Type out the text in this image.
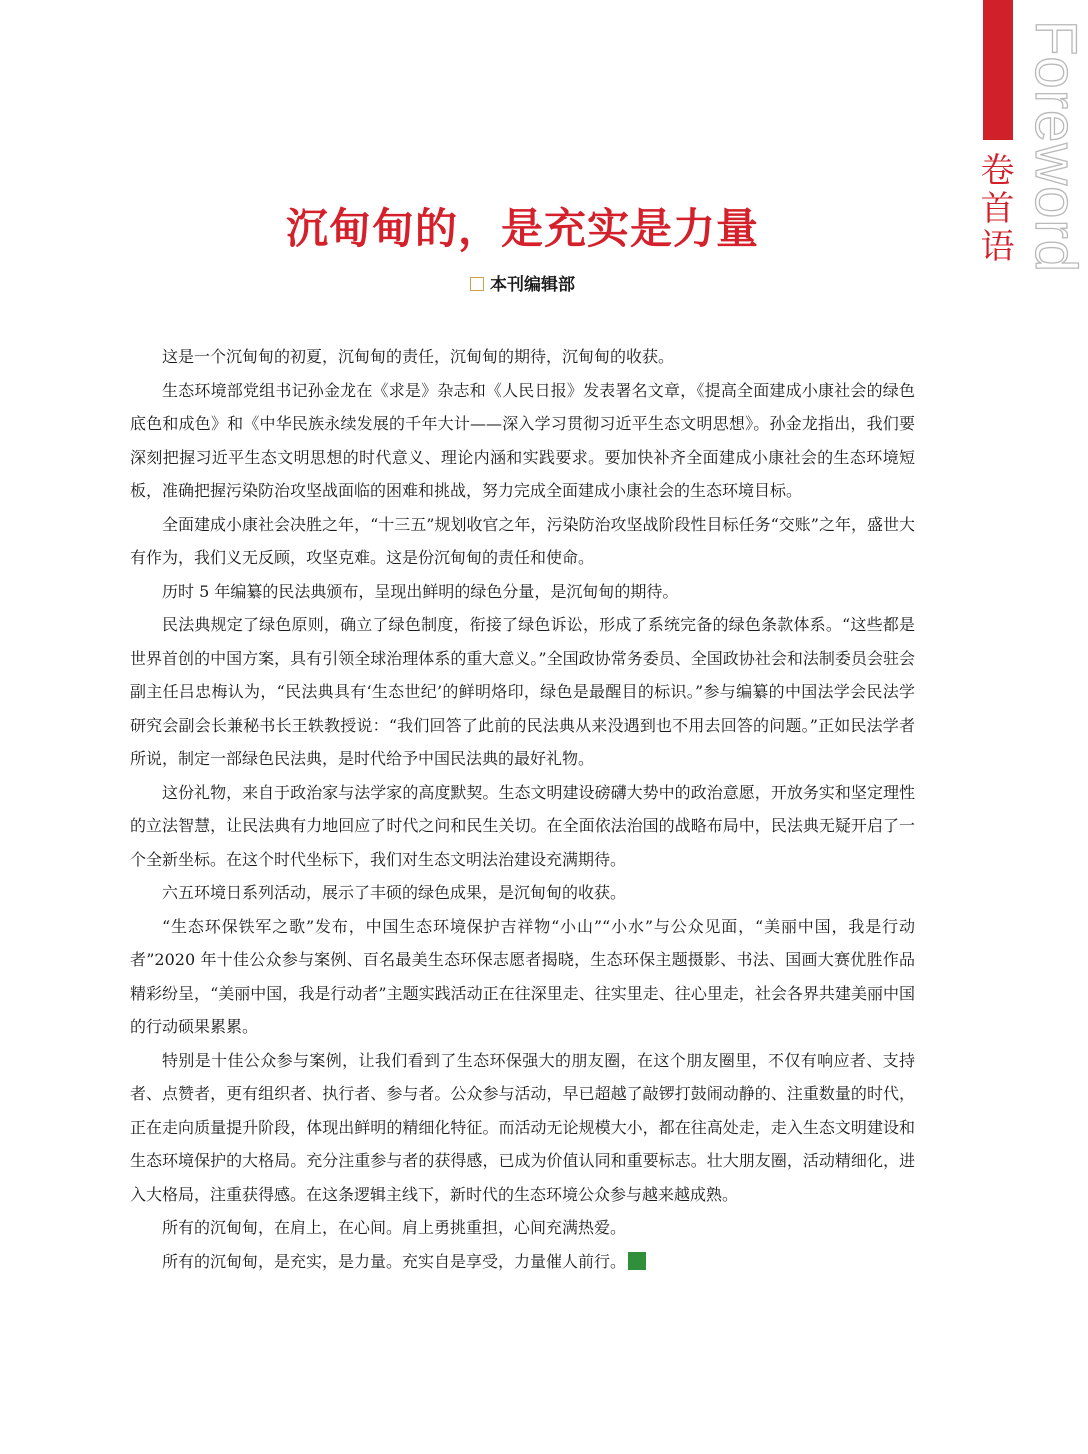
Foreword
卷首语
沉甸甸的，是充实是力量
本刊编辑部

这是一个沉甸甸的初夏，沉甸甸的责任，沉甸甸的期待，沉甸甸的收获。

生态环境部党组书记孙金龙在《求是》杂志和《人民日报》发表署名文章，《提高全面建成小康社会的绿色底色和成色》和《中华民族永续发展的千年大计——深入学习贯彻习近平生态文明思想》。孙金龙指出，我们要深刻把握习近平生态文明思想的时代意义、理论内涵和实践要求。要加快补齐全面建成小康社会的生态环境短板，准确把握污染防治攻坚战面临的困难和挑战，努力完成全面建成小康社会的生态环境目标。

全面建成小康社会决胜之年，“十三五”规划收官之年，污染防治攻坚战阶段性目标任务“交账”之年，盛世大有作为，我们义无反顾，攻坚克难。这是份沉甸甸的责任和使命。

历时 5 年编纂的民法典颁布，呈现出鲜明的绿色分量，是沉甸甸的期待。

民法典规定了绿色原则，确立了绿色制度，衔接了绿色诉讼，形成了系统完备的绿色条款体系。“这些都是世界首创的中国方案，具有引领全球治理体系的重大意义。”全国政协常务委员、全国政协社会和法制委员会驻会副主任吕忠梅认为，“民法典具有‘生态世纪’的鲜明烙印，绿色是最醒目的标识。”参与编纂的中国法学会民法学研究会副会长兼秘书长王轶教授说：“我们回答了此前的民法典从来没遇到也不用去回答的问题。”正如民法学者所说，制定一部绿色民法典，是时代给予中国民法典的最好礼物。

这份礼物，来自于政治家与法学家的高度默契。生态文明建设磅礴大势中的政治意愿，开放务实和坚定理性的立法智慧，让民法典有力地回应了时代之问和民生关切。在全面依法治国的战略布局中，民法典无疑开启了一个全新坐标。在这个时代坐标下，我们对生态文明法治建设充满期待。

六五环境日系列活动，展示了丰硕的绿色成果，是沉甸甸的收获。

“生态环保铁军之歌”发布，中国生态环境保护吉祥物“小山”“小水”与公众见面，“美丽中国，我是行动者”2020 年十佳公众参与案例、百名最美生态环保志愿者揭晓，生态环保主题摄影、书法、国画大赛优胜作品精彩纷呈，“美丽中国，我是行动者”主题实践活动正在往深里走、往实里走、往心里走，社会各界共建美丽中国的行动硕果累累。

特别是十佳公众参与案例，让我们看到了生态环保强大的朋友圈，在这个朋友圈里，不仅有响应者、支持者、点赞者，更有组织者、执行者、参与者。公众参与活动，早已超越了敲锣打鼓闹动静的、注重数量的时代，正在走向质量提升阶段，体现出鲜明的精细化特征。而活动无论规模大小，都在往高处走，走入生态文明建设和生态环境保护的大格局。充分注重参与者的获得感，已成为价值认同和重要标志。壮大朋友圈，活动精细化，进入大格局，注重获得感。在这条逻辑主线下，新时代的生态环境公众参与越来越成熟。

所有的沉甸甸，在肩上，在心间。肩上勇挑重担，心间充满热爱。

所有的沉甸甸，是充实，是力量。充实自是享受，力量催人前行。
